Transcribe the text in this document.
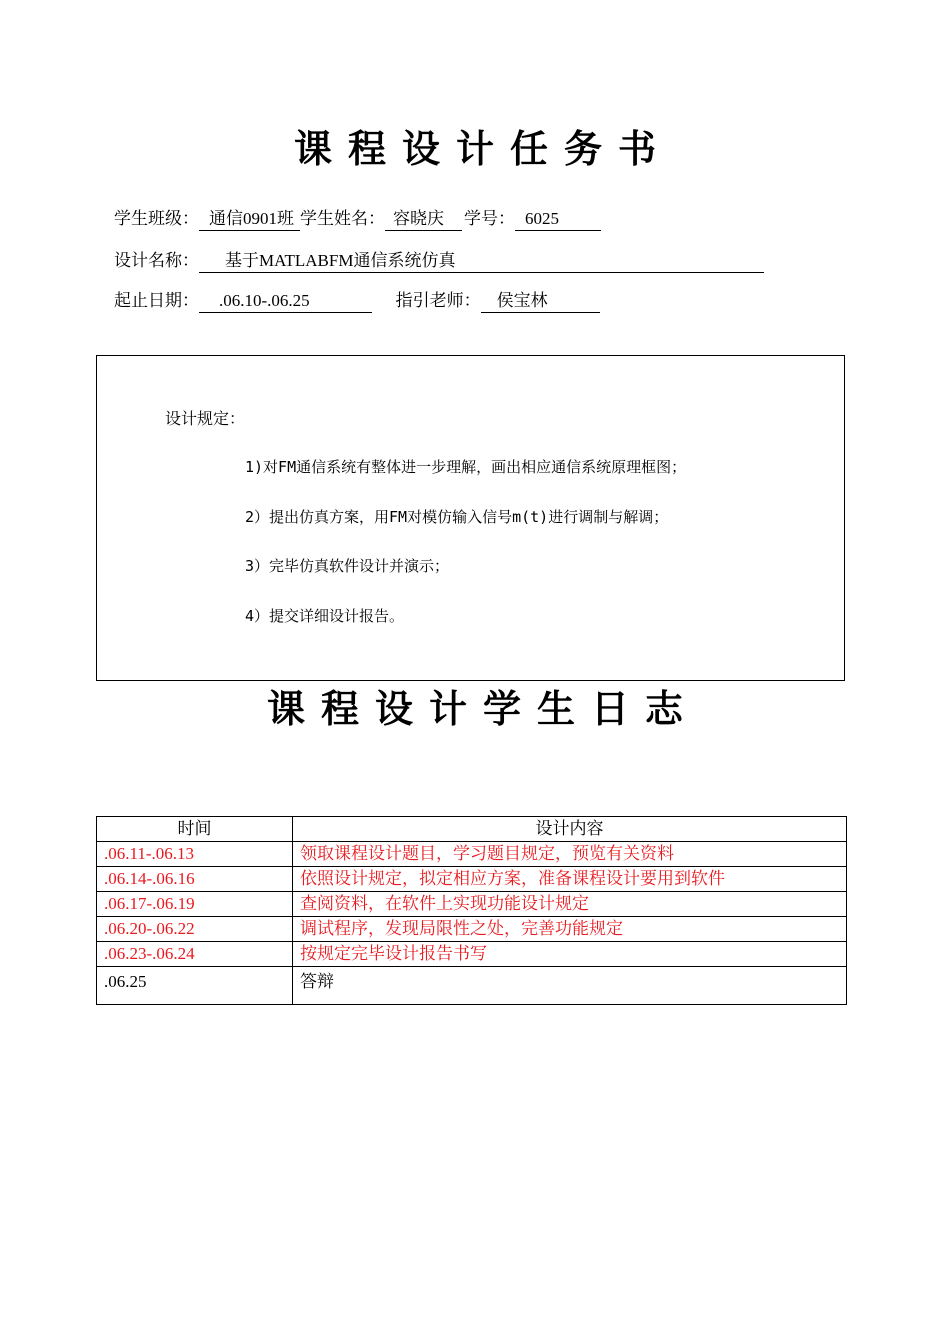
课程设计任务书
学生班级： 通信0901班 学生姓名： 容晓庆 学号： 6025
设计名称： 基于MATLABFM通信系统仿真
起止日期： .06.10-.06.25	指引老师： 侯宝林
设计规定：
1)对FM通信系统有整体进一步理解，画出相应通信系统原理框图；
2）提出仿真方案，用FM对模仿输入信号m(t)进行调制与解调；
3）完毕仿真软件设计并演示；
4）提交详细设计报告。
课程设计学生日志
时间	设计内容
.06.11-.06.13	领取课程设计题目，学习题目规定，预览有关资料
.06.14-.06.16	依照设计规定，拟定相应方案，准备课程设计要用到软件
.06.17-.06.19	查阅资料，在软件上实现功能设计规定
.06.20-.06.22	调试程序，发现局限性之处，完善功能规定
.06.23-.06.24	按规定完毕设计报告书写
.06.25	答辩
